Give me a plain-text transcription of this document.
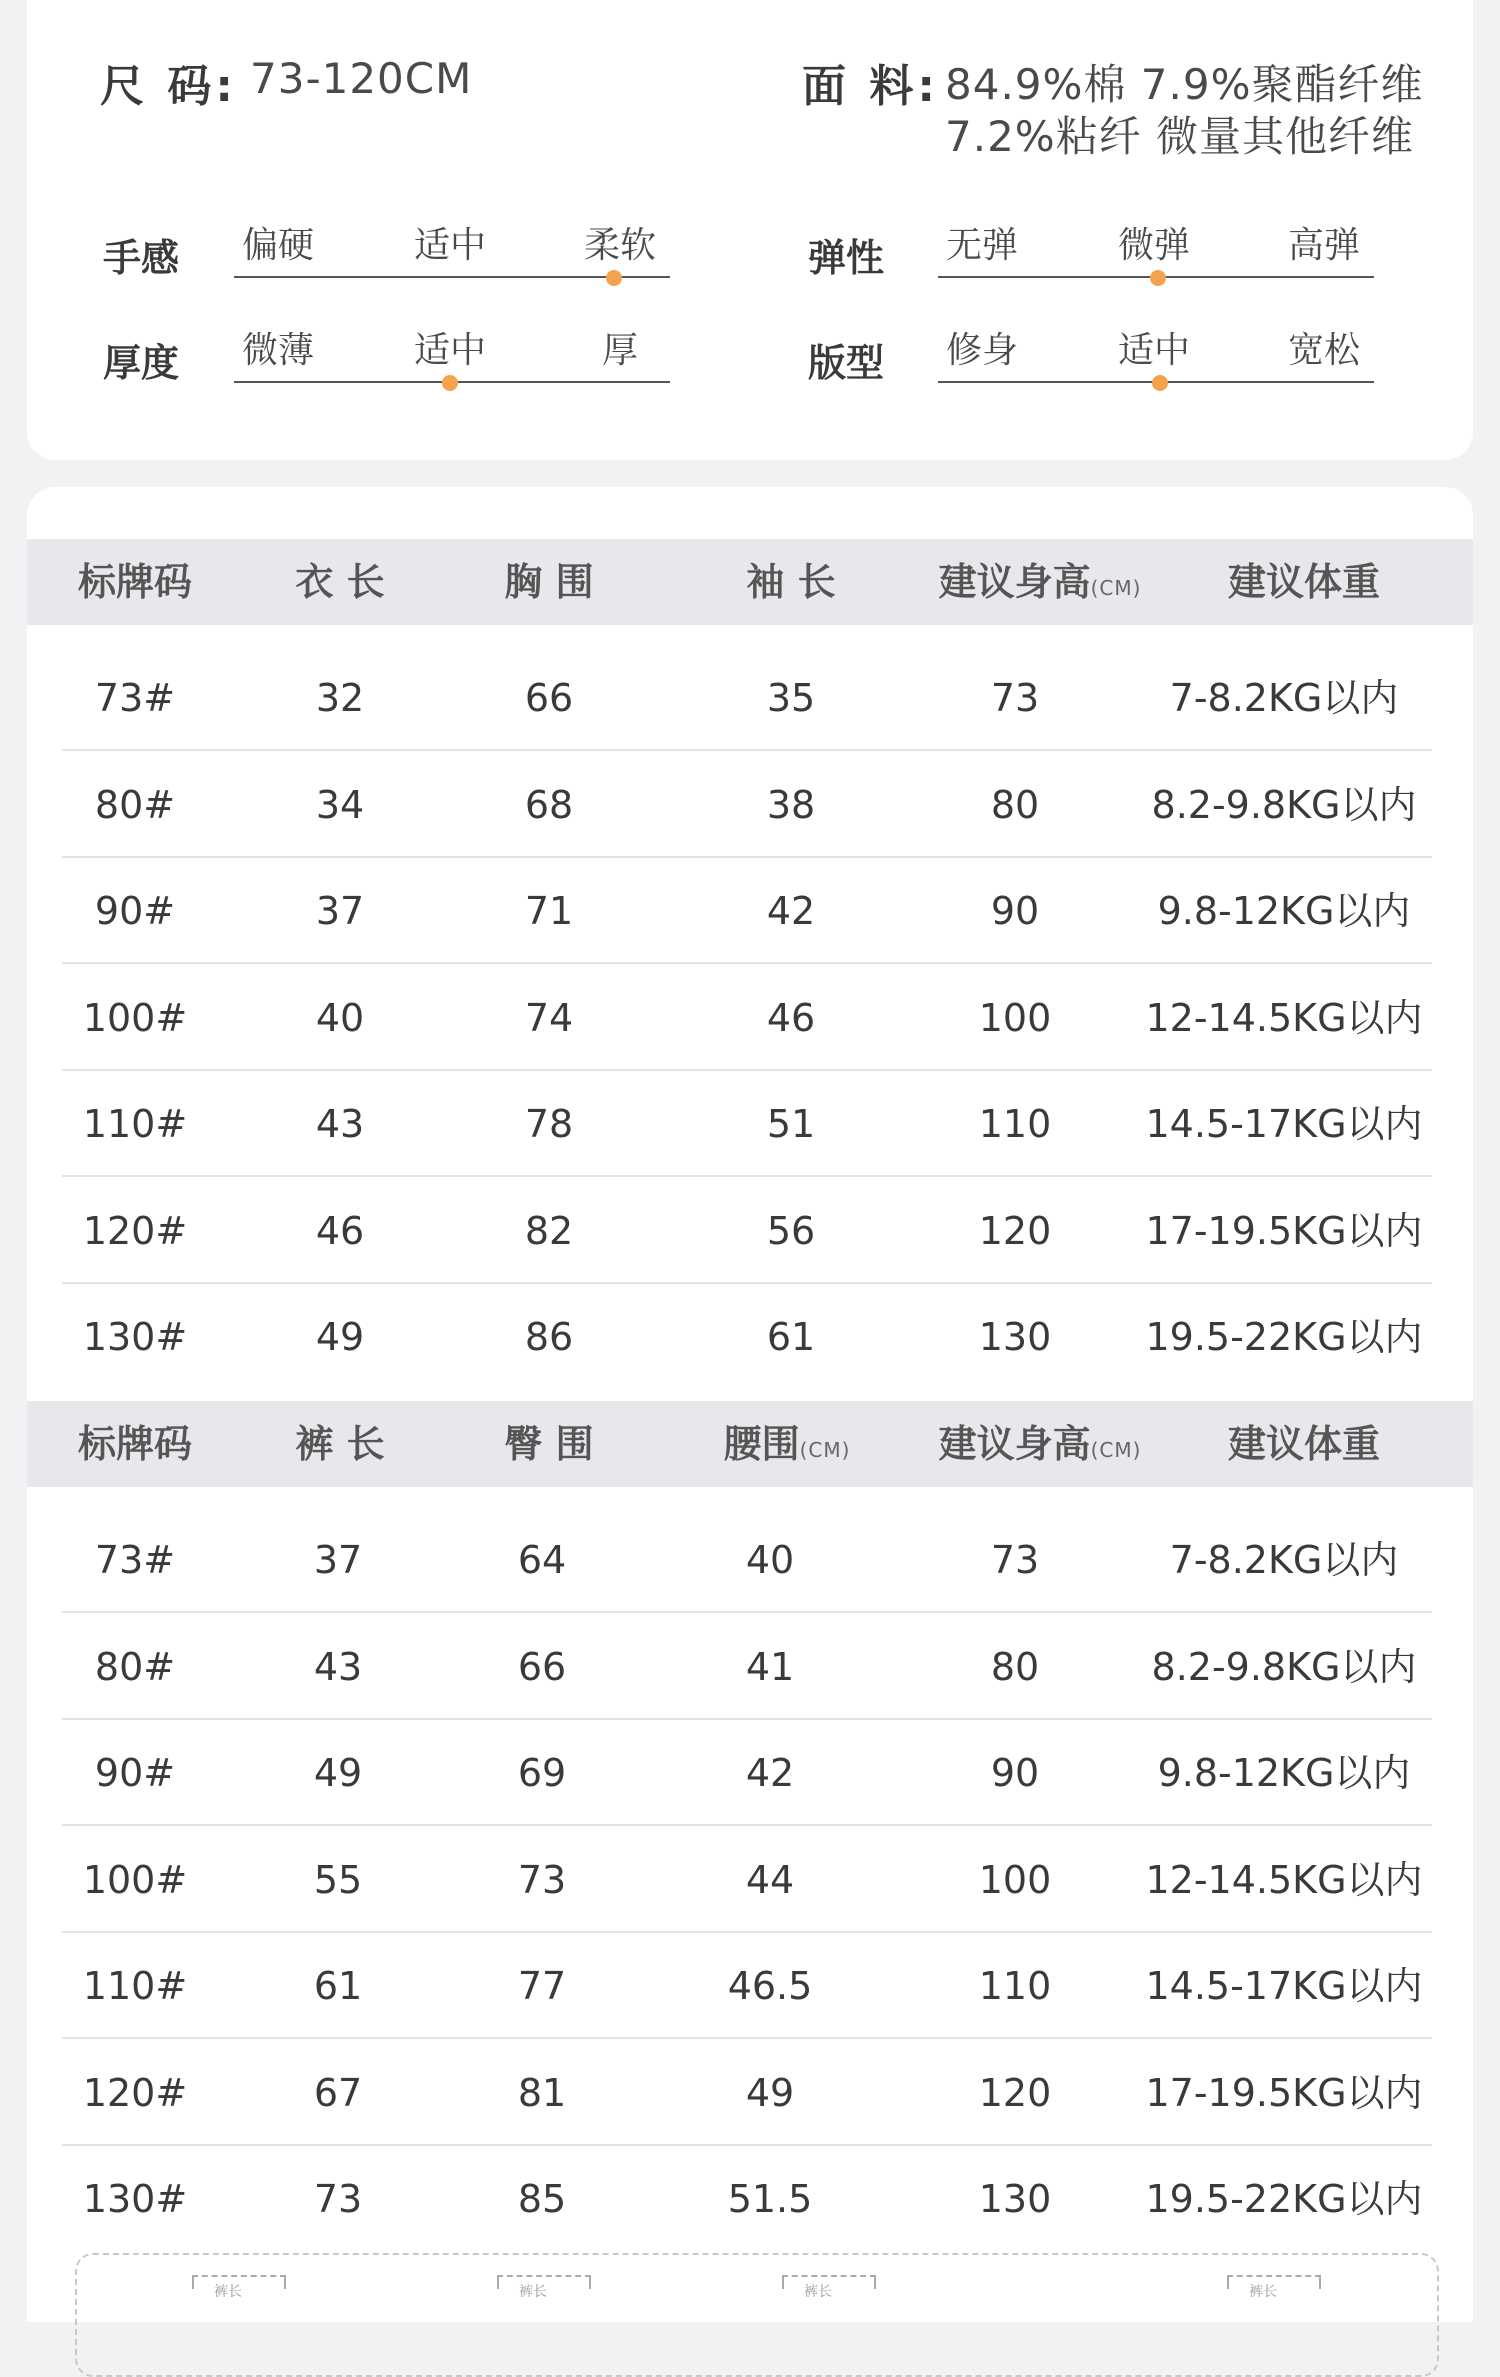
尺 码: 73-120CM	面 料: 84.9%棉 7.9%聚酯纤维
7.2%粘纤 微量其他纤维
手感 偏硬	适中	柔软	弹性 无弹	微弹	高弹
厚度 微薄	适中	厚	版型 修身	适中	宽松
标牌码	衣 长	胸 围	袖 长	建议身高(CM) 建议体重
73#	32	66	35	73	7-8.2KG以内
80#	34	68	38	80	8.2-9.8KG以内
90#	37	71	42	90	9.8-12KG以内
100#	40	74	46	100 12-14.5KG以内
110#	43	78	51	110 14.5-17KG以内
120#	46	82	56	120 17-19.5KG以内
130#	49	86	61	130 19.5-22KG以内
标牌码	裤 长	臀 围	腰围(CM) 建议身高(CM) 建议体重
73#	37	64	40	73	7-8.2KG以内
80#	43	66	41	80	8.2-9.8KG以内
90#	49	69	42	90	9.8-12KG以内
100#	55	73	44	100 12-14.5KG以内
110#	61	77	46.5	110 14.5-17KG以内
120#	67	81	49	120 17-19.5KG以内
130#	73	85	51.5	130 19.5-22KG以内
裤长	裤长	裤长	裤长
